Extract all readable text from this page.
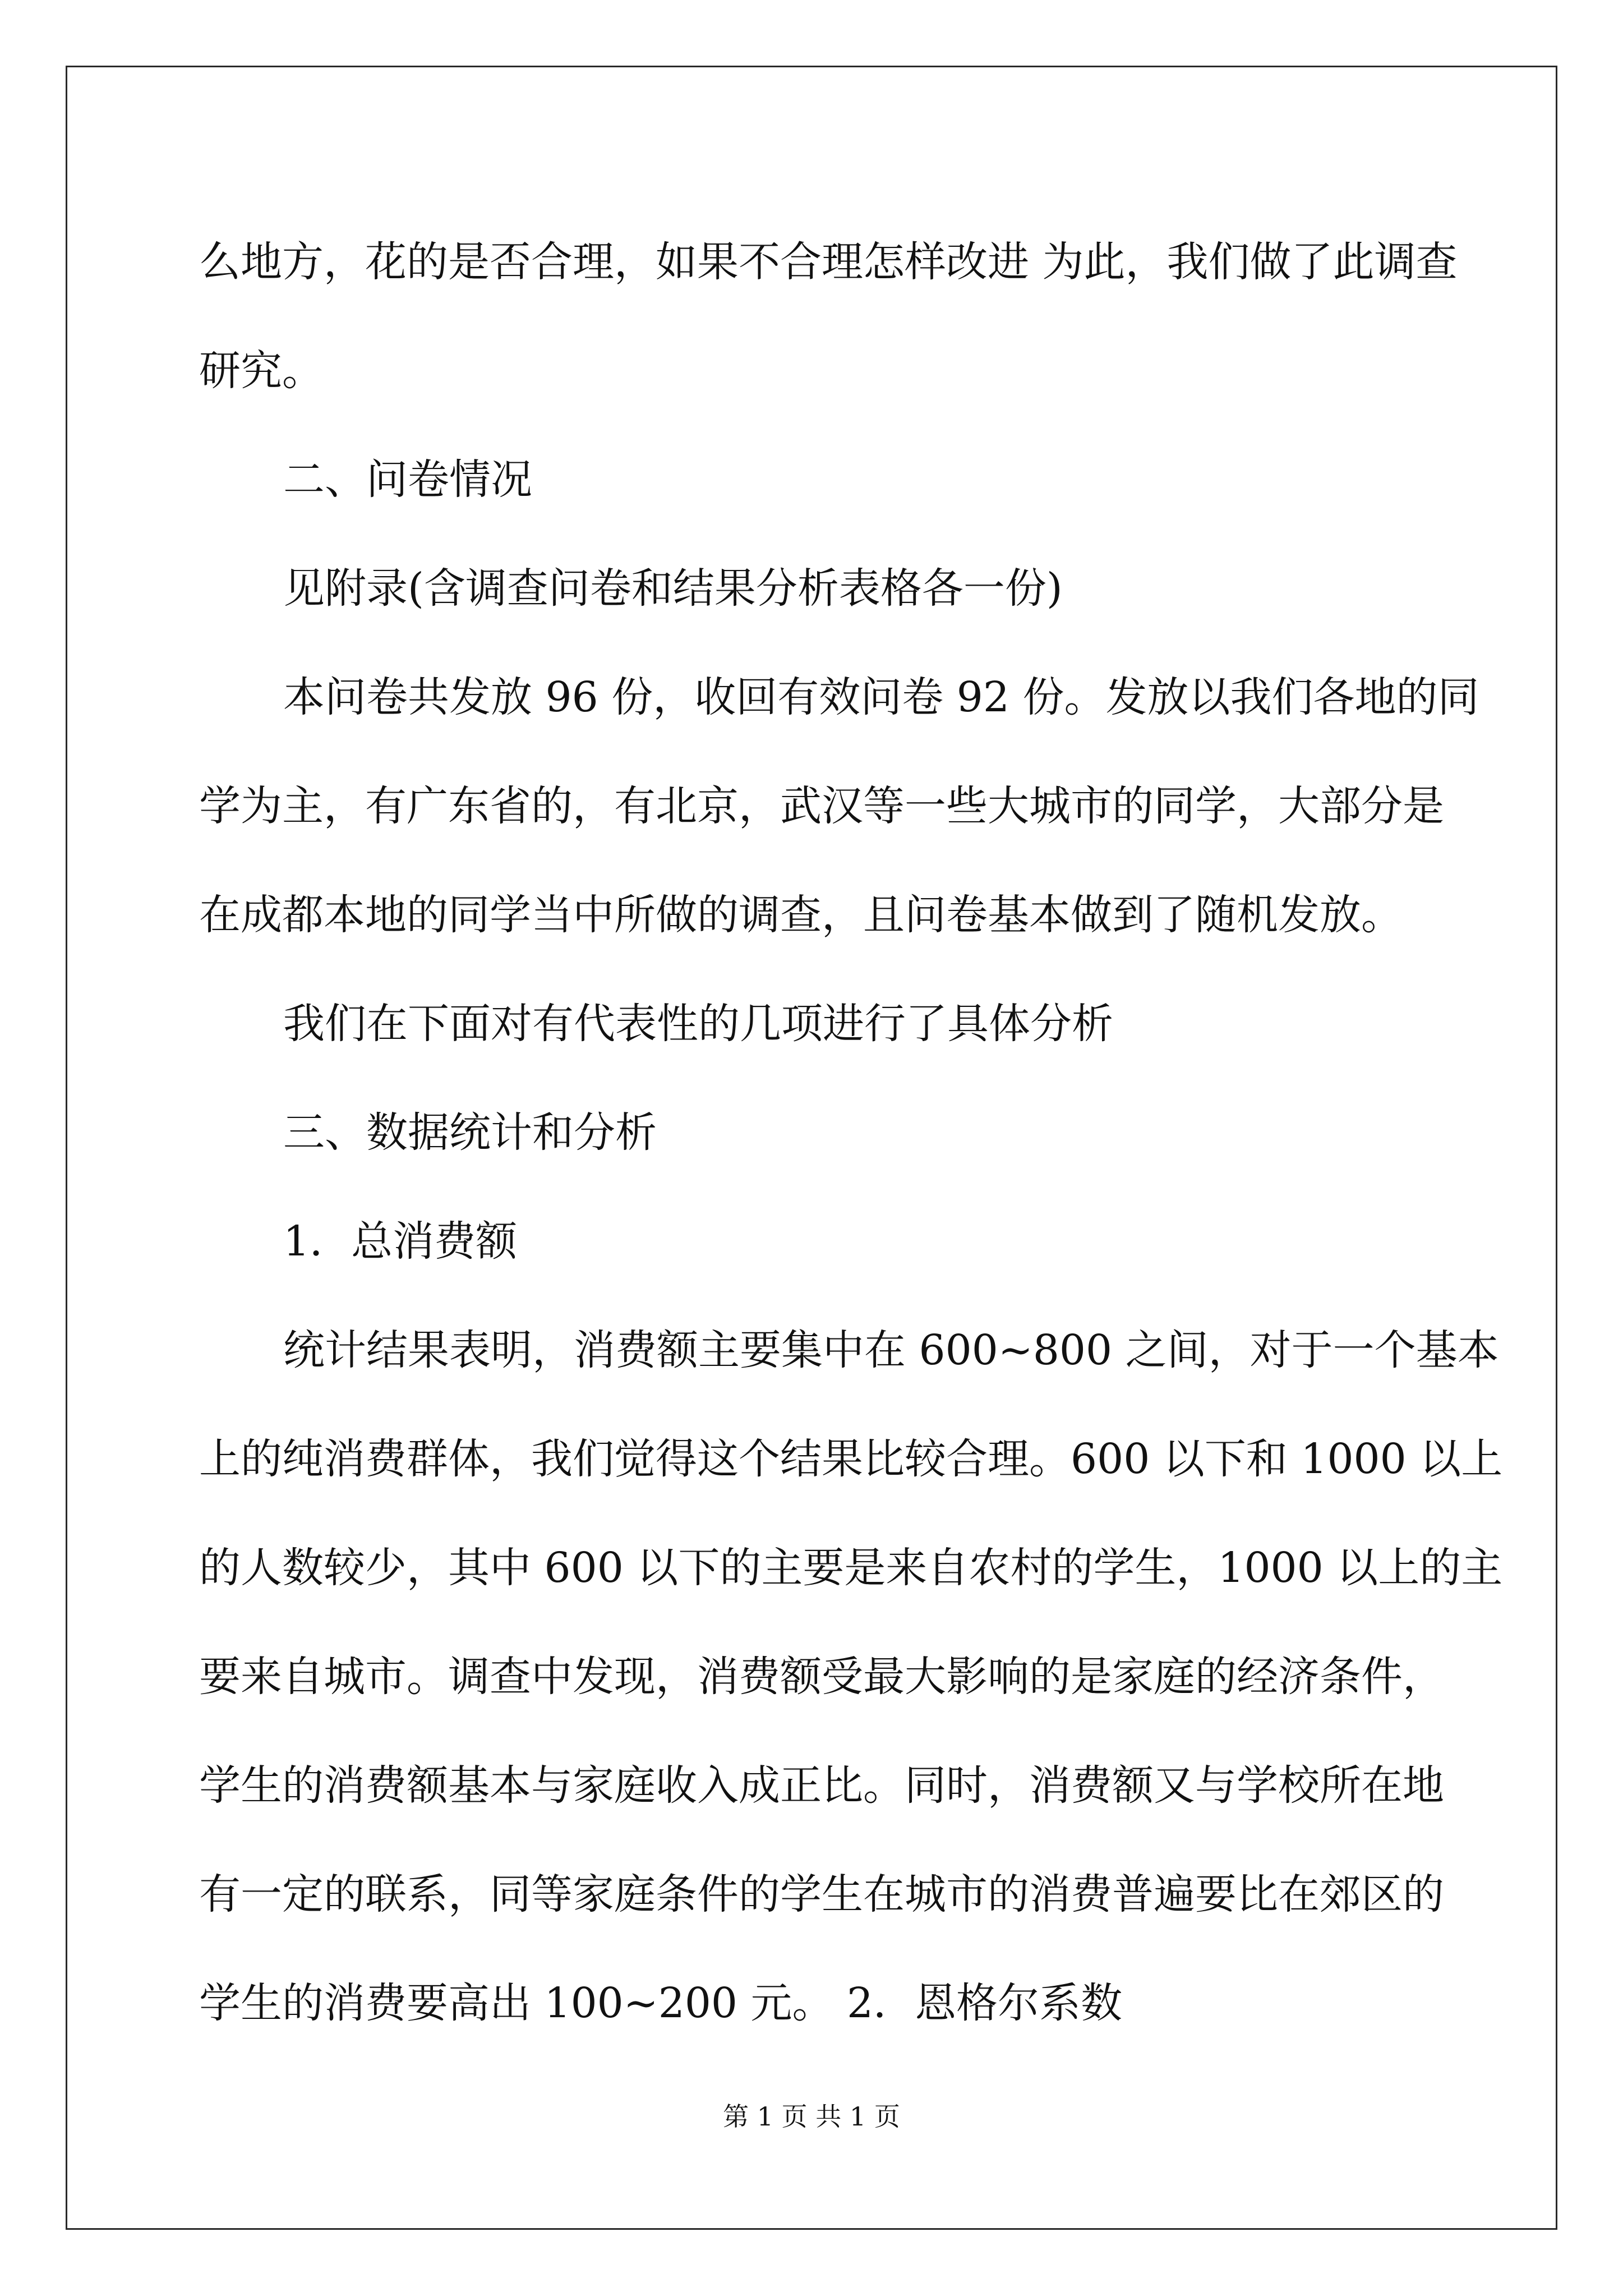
么 地 方 ， 花 的 是 否 合 理 ， 如 果 不 合 理 怎 样 改 进
为 此 ， 我 们 做 了 此 调 查
研究。
二、问卷情况
见附录(含调查问卷和结果分析表格各一份)
本 问 卷 共 发 放
9 6
份 ， 收 回 有 效 问 卷
9 2
份 。 发 放 以 我 们 各 地 的 同
学 为 主 ， 有 广 东 省 的 ， 有 北 京 ， 武 汉 等 一 些 大 城 市 的 同 学 ， 大 部 分 是
在成都本地的同学当中所做的调查，且问卷基本做到了随机发放。
我们在下面对有代表性的几项进行了具体分析
三、数据统计和分析
1．总消费额
统 计 结 果 表 明 ， 消 费 额 主 要 集 中 在
6 0 0 ~ 8 0 0
之 间 ， 对 于 一 个 基 本
上 的 纯 消 费 群 体 ， 我 们 觉 得 这 个 结 果 比 较 合 理 。 6 0 0
以 下 和
1 0 0 0
以 上
的 人 数 较 少 ， 其 中
6 0 0
以 下 的 主 要 是 来 自 农 村 的 学 生 ， 1 0 0 0
以 上 的 主
要 来 自 城 市 。 调 查 中 发 现 ， 消 费 额 受 最 大 影 响 的 是 家 庭 的 经 济 条 件 ，
学 生 的 消 费 额 基 本 与 家 庭 收 入 成 正 比 。 同 时 ， 消 费 额 又 与 学 校 所 在 地
有 一 定 的 联 系 ， 同 等 家 庭 条 件 的 学 生 在 城 市 的 消 费 普 遍 要 比 在 郊 区 的
学生的消费要高出 100~200 元。 2．恩格尔系数
第 1 页 共 1 页
